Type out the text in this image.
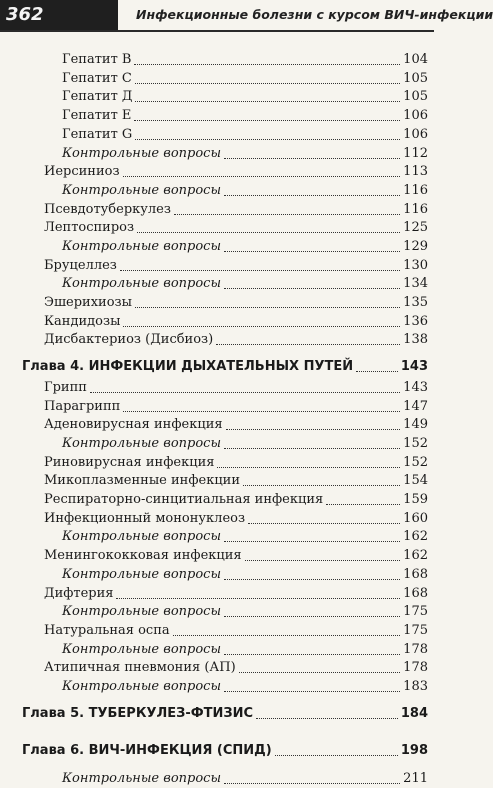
362	Инфекционные болезни с курсом ВИЧ-инфекции
Гепатит В	104
Гепатит С	105
Гепатит Д	105
Гепатит Е	106
Гепатит G	106
Контрольные вопросы	112
Иерсиниоз	113
Контрольные вопросы	116
Псевдотуберкулез	116
Лептоспироз	125
Контрольные вопросы	129
Бруцеллез	130
Контрольные вопросы	134
Эшерихиозы	135
Кандидозы	136
Дисбактериоз (Дисбиоз)	138
Глава 4. ИНФЕКЦИИ ДЫХАТЕЛЬНЫХ ПУТЕЙ	143
Грипп	143
Парагрипп	147
Аденовирусная инфекция	149
Контрольные вопросы	152
Риновирусная инфекция	152
Микоплазменные инфекции	154
Респираторно-синцитиальная инфекция	159
Инфекционный мононуклеоз	160
Контрольные вопросы	162
Менингококковая инфекция	162
Контрольные вопросы	168
Дифтерия	168
Контрольные вопросы	175
Натуральная оспа	175
Контрольные вопросы	178
Атипичная пневмония (АП)	178
Контрольные вопросы	183
Глава 5. ТУБЕРКУЛЕЗ-ФТИЗИС	184
Глава 6. ВИЧ-ИНФЕКЦИЯ (СПИД)	198
Контрольные вопросы	211
